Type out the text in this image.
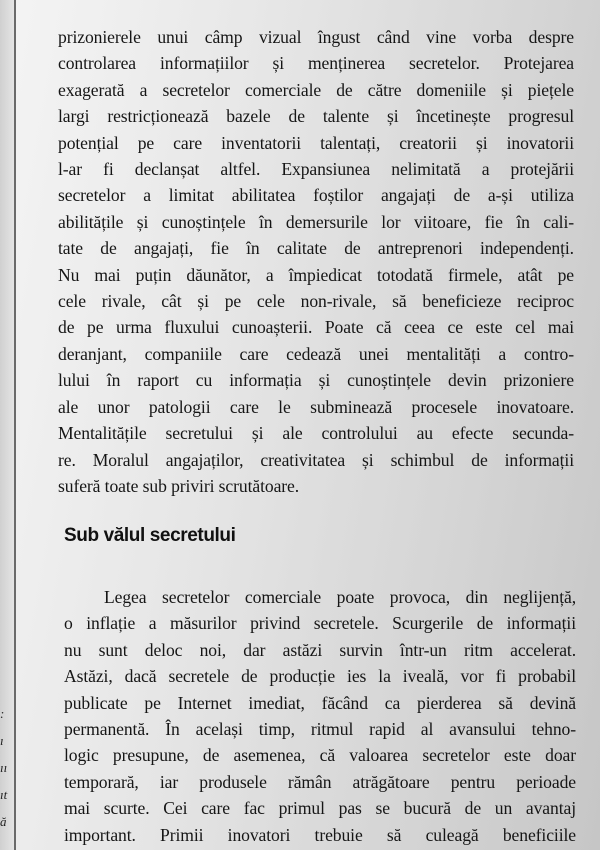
:
ı
ıı
ıt
ă
prizonierele unui câmp vizual îngust când vine vorba despre
controlarea informațiilor și menținerea secretelor. Protejarea
exagerată a secretelor comerciale de către domeniile și piețele
largi restricționează bazele de talente și încetinește progresul
potențial pe care inventatorii talentați, creatorii și inovatorii
l-ar fi declanșat altfel. Expansiunea nelimitată a protejării
secretelor a limitat abilitatea foștilor angajați de a-și utiliza
abilitățile și cunoștințele în demersurile lor viitoare, fie în cali-
tate de angajați, fie în calitate de antreprenori independenți.
Nu mai puțin dăunător, a împiedicat totodată firmele, atât pe
cele rivale, cât și pe cele non-rivale, să beneficieze reciproc
de pe urma fluxului cunoașterii. Poate că ceea ce este cel mai
deranjant, companiile care cedează unei mentalități a contro-
lului în raport cu informația și cunoștințele devin prizoniere
ale unor patologii care le subminează procesele inovatoare.
Mentalitățile secretului și ale controlului au efecte secunda-
re. Moralul angajaților, creativitatea și schimbul de informații
suferă toate sub priviri scrutătoare.
Sub vălul secretului
Legea secretelor comerciale poate provoca, din neglijență,
o inflație a măsurilor privind secretele. Scurgerile de informații
nu sunt deloc noi, dar astăzi survin într-un ritm accelerat.
Astăzi, dacă secretele de producție ies la iveală, vor fi probabil
publicate pe Internet imediat, făcând ca pierderea să devină
permanentă. În același timp, ritmul rapid al avansului tehno-
logic presupune, de asemenea, că valoarea secretelor este doar
temporară, iar produsele rămân atrăgătoare pentru perioade
mai scurte. Cei care fac primul pas se bucură de un avantaj
important. Primii inovatori trebuie să culeagă beneficiile
